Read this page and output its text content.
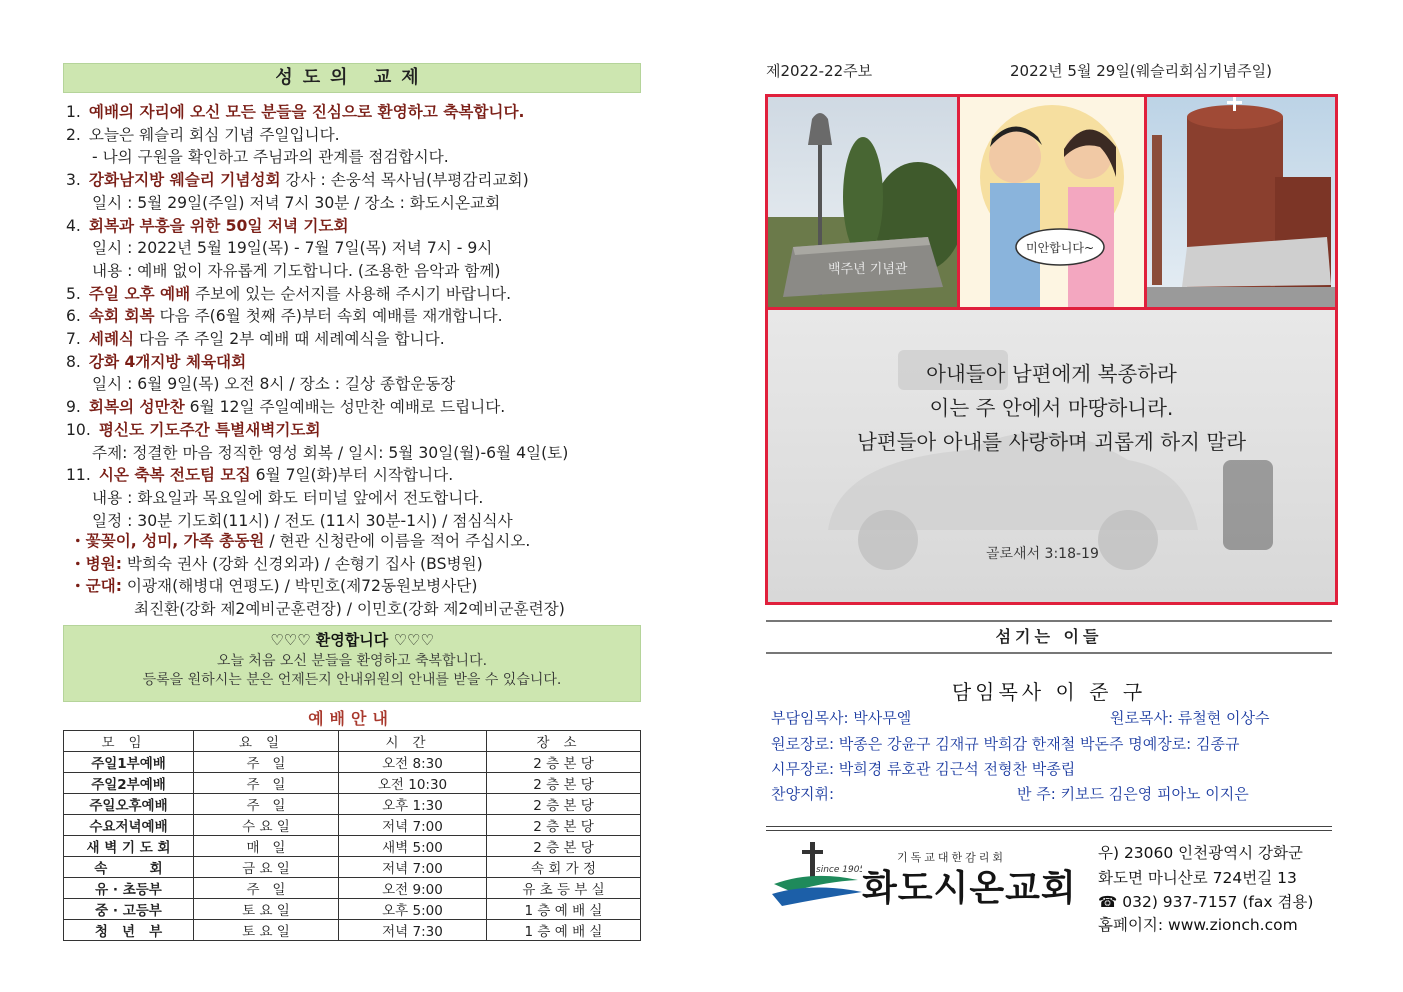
성도의 교제
1. 예배의 자리에 오신 모든 분들을 진심으로 환영하고 축복합니다.
2. 오늘은 웨슬리 회심 기념 주일입니다.
- 나의 구원을 확인하고 주님과의 관계를 점검합시다.
3. 강화남지방 웨슬리 기념성회 강사 : 손웅석 목사님(부평감리교회)
일시 : 5월 29일(주일) 저녁 7시 30분 / 장소 : 화도시온교회
4. 회복과 부흥을 위한 50일 저녁 기도회
일시 : 2022년 5월 19일(목) - 7월 7일(목) 저녁 7시 - 9시
내용 : 예배 없이 자유롭게 기도합니다. (조용한 음악과 함께)
5. 주일 오후 예배 주보에 있는 순서지를 사용해 주시기 바랍니다.
6. 속회 회복 다음 주(6월 첫째 주)부터 속회 예배를 재개합니다.
7. 세례식 다음 주 주일 2부 예배 때 세례예식을 합니다.
8. 강화 4개지방 체육대회
일시 : 6월 9일(목) 오전 8시 / 장소 : 길상 종합운동장
9. 회복의 성만찬 6월 12일 주일예배는 성만찬 예배로 드립니다.
10. 평신도 기도주간 특별새벽기도회
주제: 정결한 마음 정직한 영성 회복 / 일시: 5월 30일(월)-6월 4일(토)
11. 시온 축복 전도팀 모집 6월 7일(화)부터 시작합니다.
내용 : 화요일과 목요일에 화도 터미널 앞에서 전도합니다.
일정 : 30분 기도회(11시) / 전도 (11시 30분-1시) / 점심식사
・꽃꽂이, 성미, 가족 총동원 / 현관 신청란에 이름을 적어 주십시오.
・병원: 박희숙 권사 (강화 신경외과) / 손형기 집사 (BS병원)
・군대: 이광재(해병대 연평도) / 박민호(제72동원보병사단)
최진환(강화 제2예비군훈련장) / 이민호(강화 제2예비군훈련장)
♡♡♡ 환영합니다 ♡♡♡
오늘 처음 오신 분들을 환영하고 축복합니다.
등록을 원하시는 분은 언제든지 안내위원의 안내를 받을 수 있습니다.
예배안내
모임	요일	시간	장소
주일1부예배	주   일	오전 8:30	2 층 본 당
주일2부예배	주   일	오전 10:30	2 층 본 당
주일오후예배	주   일	오후 1:30	2 층 본 당
수요저녁예배	수 요 일	저녁 7:00	2 층 본 당
새 벽 기 도 회	매   일	새벽 5:00	2 층 본 당
속         회	금 요 일	저녁 7:00	속 회 가 정
유 · 초등부	주   일	오전 9:00	유 초 등 부 실
중 · 고등부	토 요 일	오후 5:00	1 층 예 배 실
청   년   부	토 요 일	저녁 7:30	1 층 예 배 실
제2022-22주보	2022년 5월 29일(웨슬리회심기념주일)
백주년 기념관
미안합니다~
아내들아 남편에게 복종하라
이는 주 안에서 마땅하니라.
남편들아 아내를 사랑하며 괴롭게 하지 말라
골로새서 3:18-19
섬기는 이들
담임목사 이 준 구
부담임목사: 박사무엘	원로목사: 류철현 이상수
원로장로: 박종은 강윤구 김재규 박희감 한재철 박돈주 명예장로: 김종규
시무장로: 박희경 류호관 김근석 전형찬 박종립
찬양지휘:	반 주: 키보드 김은영 피아노 이지은
since 1905
기독교대한감리회
화도시온교회
우) 23060 인천광역시 강화군
화도면 마니산로 724번길 13
☎ 032) 937-7157 (fax 겸용)
홈페이지: www.zionch.com
